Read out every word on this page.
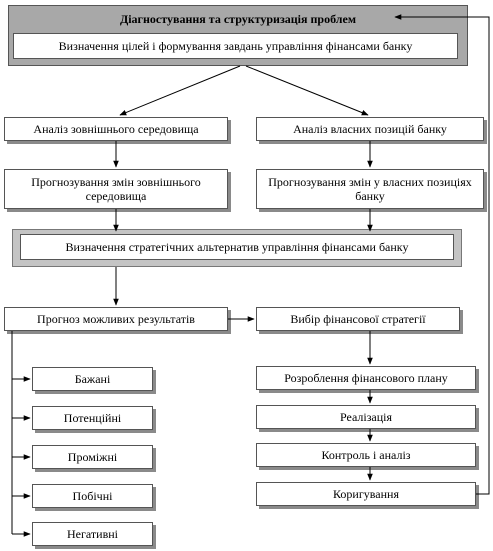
Діагностування та структуризація проблем
Визначення цілей і формування завдань управління фінансами банку
Аналіз зовнішнього середовища	Аналіз власних позицій банку
Прогнозування змін зовнішнього середовища
Прогнозування змін у власних позиціях банку
Визначення стратегічних альтернатив управління фінансами банку
Прогноз можливих результатів	Вибір фінансової стратегії
Бажані
Потенційні
Проміжні
Побічні
Негативні
Розроблення фінансового плану
Реалізація
Контроль і аналіз
Коригування
